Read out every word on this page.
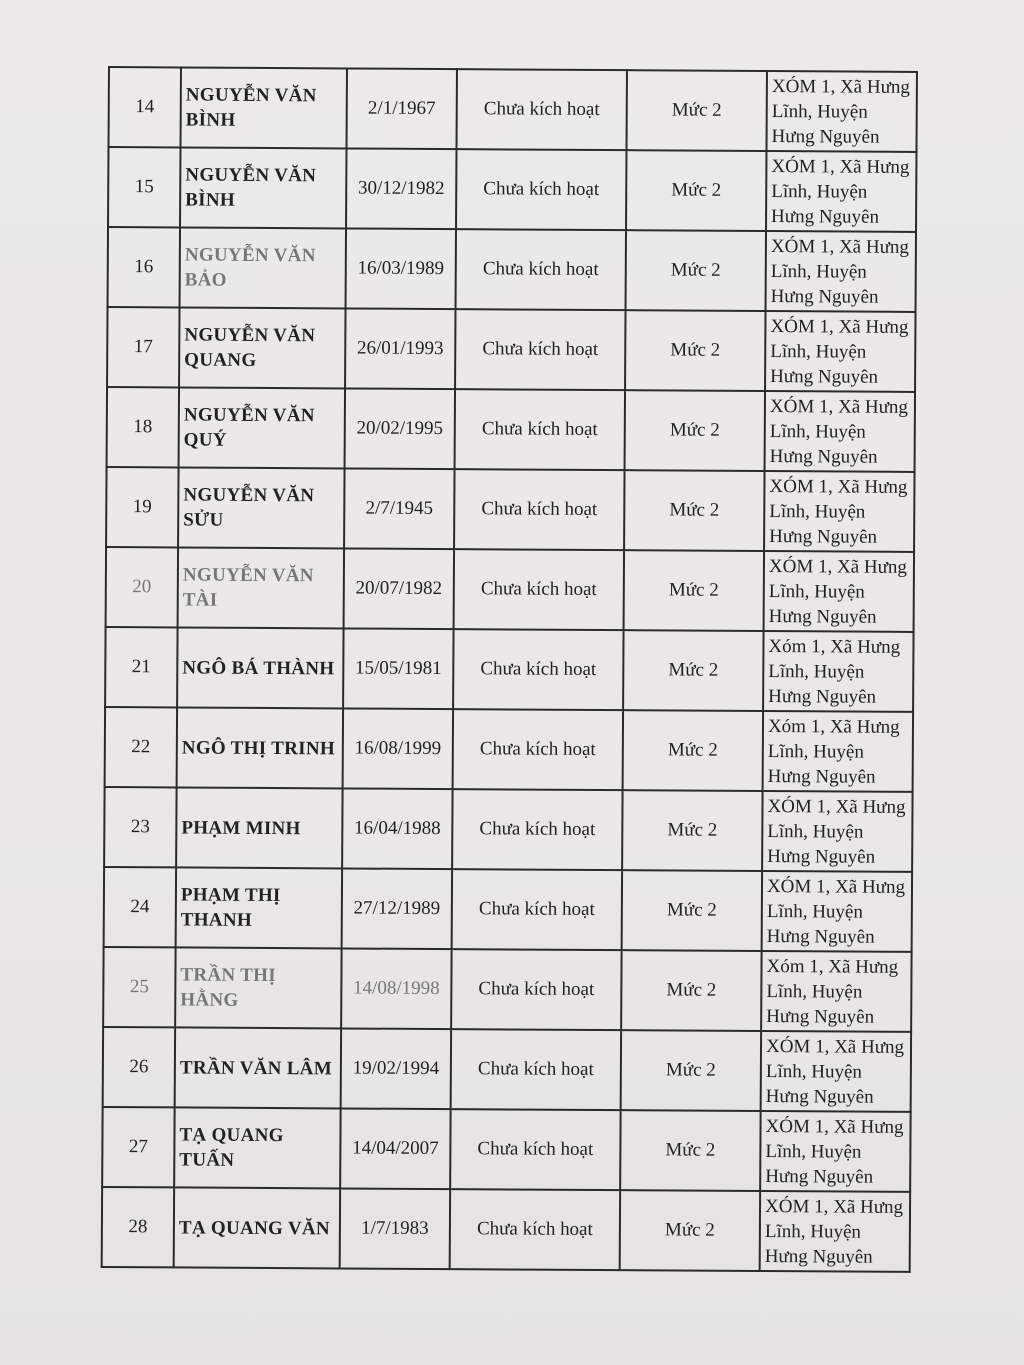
14	NGUYỄN VĂN BÌNH	2/1/1967	Chưa kích hoạt	Mức 2	XÓM 1, Xã Hưng Lĩnh, Huyện Hưng Nguyên
15	NGUYỄN VĂN BÌNH	30/12/1982	Chưa kích hoạt	Mức 2	XÓM 1, Xã Hưng Lĩnh, Huyện Hưng Nguyên
16	NGUYỄN VĂN BẢO	16/03/1989	Chưa kích hoạt	Mức 2	XÓM 1, Xã Hưng Lĩnh, Huyện Hưng Nguyên
17	NGUYỄN VĂN QUANG	26/01/1993	Chưa kích hoạt	Mức 2	XÓM 1, Xã Hưng Lĩnh, Huyện Hưng Nguyên
18	NGUYỄN VĂN QUÝ	20/02/1995	Chưa kích hoạt	Mức 2	XÓM 1, Xã Hưng Lĩnh, Huyện Hưng Nguyên
19	NGUYỄN VĂN SỬU	2/7/1945	Chưa kích hoạt	Mức 2	XÓM 1, Xã Hưng Lĩnh, Huyện Hưng Nguyên
20	NGUYỄN VĂN TÀI	20/07/1982	Chưa kích hoạt	Mức 2	XÓM 1, Xã Hưng Lĩnh, Huyện Hưng Nguyên
21	NGÔ BÁ THÀNH	15/05/1981	Chưa kích hoạt	Mức 2	Xóm 1, Xã Hưng Lĩnh, Huyện Hưng Nguyên
22	NGÔ THỊ TRINH	16/08/1999	Chưa kích hoạt	Mức 2	Xóm 1, Xã Hưng Lĩnh, Huyện Hưng Nguyên
23	PHẠM MINH	16/04/1988	Chưa kích hoạt	Mức 2	XÓM 1, Xã Hưng Lĩnh, Huyện Hưng Nguyên
24	PHẠM THỊ THANH	27/12/1989	Chưa kích hoạt	Mức 2	XÓM 1, Xã Hưng Lĩnh, Huyện Hưng Nguyên
25	TRẦN THỊ HẰNG	14/08/1998	Chưa kích hoạt	Mức 2	Xóm 1, Xã Hưng Lĩnh, Huyện Hưng Nguyên
26	TRẦN VĂN LÂM	19/02/1994	Chưa kích hoạt	Mức 2	XÓM 1, Xã Hưng Lĩnh, Huyện Hưng Nguyên
27	TẠ QUANG TUẤN	14/04/2007	Chưa kích hoạt	Mức 2	XÓM 1, Xã Hưng Lĩnh, Huyện Hưng Nguyên
28	TẠ QUANG VĂN	1/7/1983	Chưa kích hoạt	Mức 2	XÓM 1, Xã Hưng Lĩnh, Huyện Hưng Nguyên
